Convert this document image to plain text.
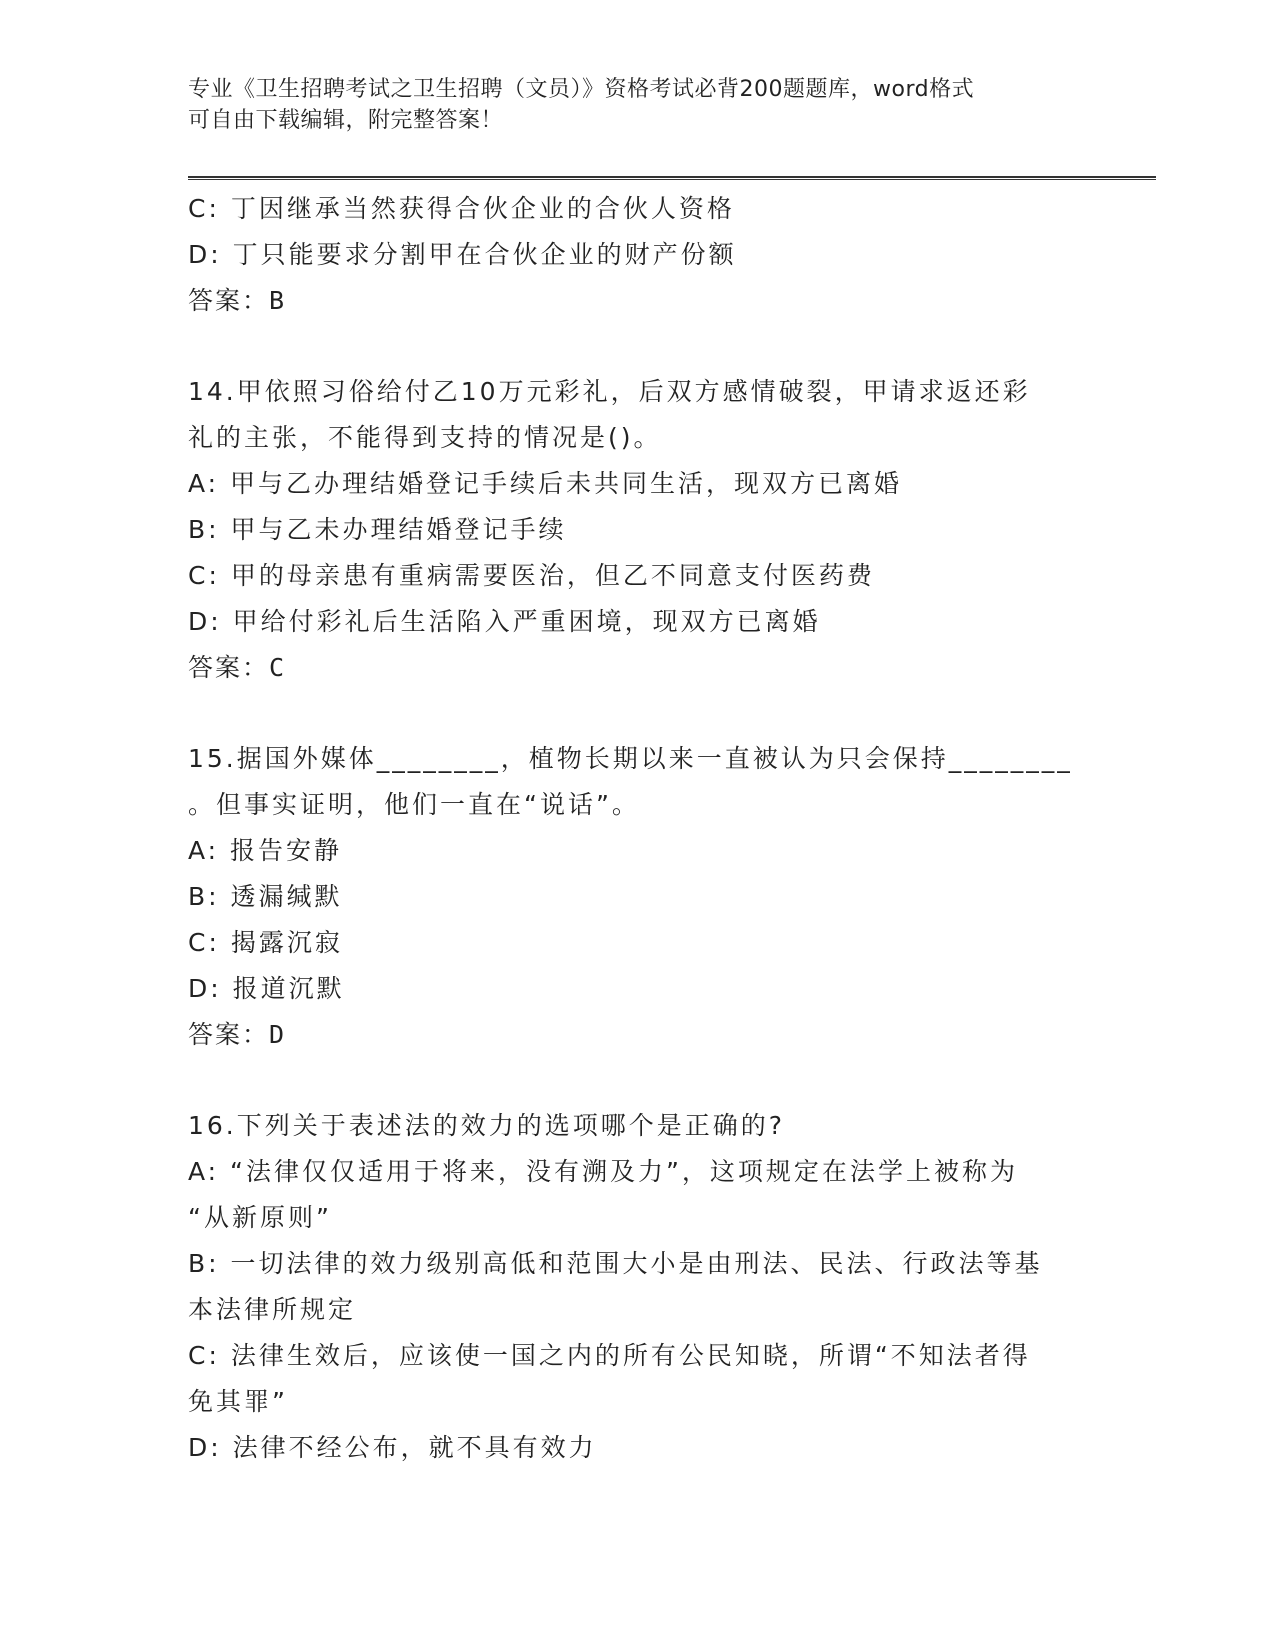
专业《卫生招聘考试之卫生招聘（文员）》资格考试必背200题题库，word格式
可自由下载编辑，附完整答案！
C: 丁因继承当然获得合伙企业的合伙人资格
D: 丁只能要求分割甲在合伙企业的财产份额
答案：B
14.甲依照习俗给付乙10万元彩礼，后双方感情破裂，甲请求返还彩
礼的主张，不能得到支持的情况是()。
A: 甲与乙办理结婚登记手续后未共同生活，现双方已离婚
B: 甲与乙未办理结婚登记手续
C: 甲的母亲患有重病需要医治，但乙不同意支付医药费
D: 甲给付彩礼后生活陷入严重困境，现双方已离婚
答案：C
15.据国外媒体________，植物长期以来一直被认为只会保持________
。但事实证明，他们一直在“说话”。
A: 报告安静
B: 透漏缄默
C: 揭露沉寂
D: 报道沉默
答案：D
16.下列关于表述法的效力的选项哪个是正确的?
A: “法律仅仅适用于将来，没有溯及力”，这项规定在法学上被称为
“从新原则”
B: 一切法律的效力级别高低和范围大小是由刑法、民法、行政法等基
本法律所规定
C: 法律生效后，应该使一国之内的所有公民知晓，所谓“不知法者得
免其罪”
D: 法律不经公布，就不具有效力
